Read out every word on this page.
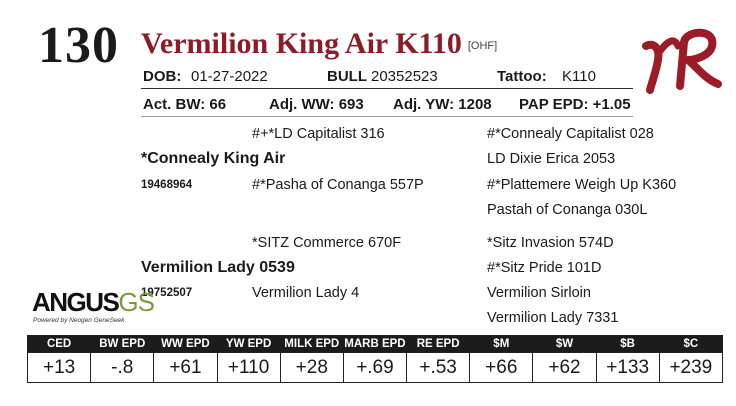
130 Vermilion King Air K110 [OHF]
DOB: 01-27-2022	BULL 20352523	Tattoo: K110
Act. BW: 66	Adj. WW: 693 Adj. YW: 1208 PAP EPD: +1.05
#+*LD Capitalist 316
*Connealy King Air
19468964	#*Pasha of Conanga 557P
#*Connealy Capitalist 028
LD Dixie Erica 2053
#*Plattemere Weigh Up K360
Pastah of Conanga 030L
*SITZ Commerce 670F
Vermilion Lady 0539
19752507	Vermilion Lady 4
*Sitz Invasion 574D
#*Sitz Pride 101D
Vermilion Sirloin
Vermilion Lady 7331
ANGUSGS
Powered by Neogen GeneSeek
CED	BW EPD	WW EPD	YW EPD	MILK EPD	MARB EPD	RE EPD	$M	$W	$B	$C
+13	-.8	+61	+110	+28	+.69	+.53	+66	+62	+133	+239
